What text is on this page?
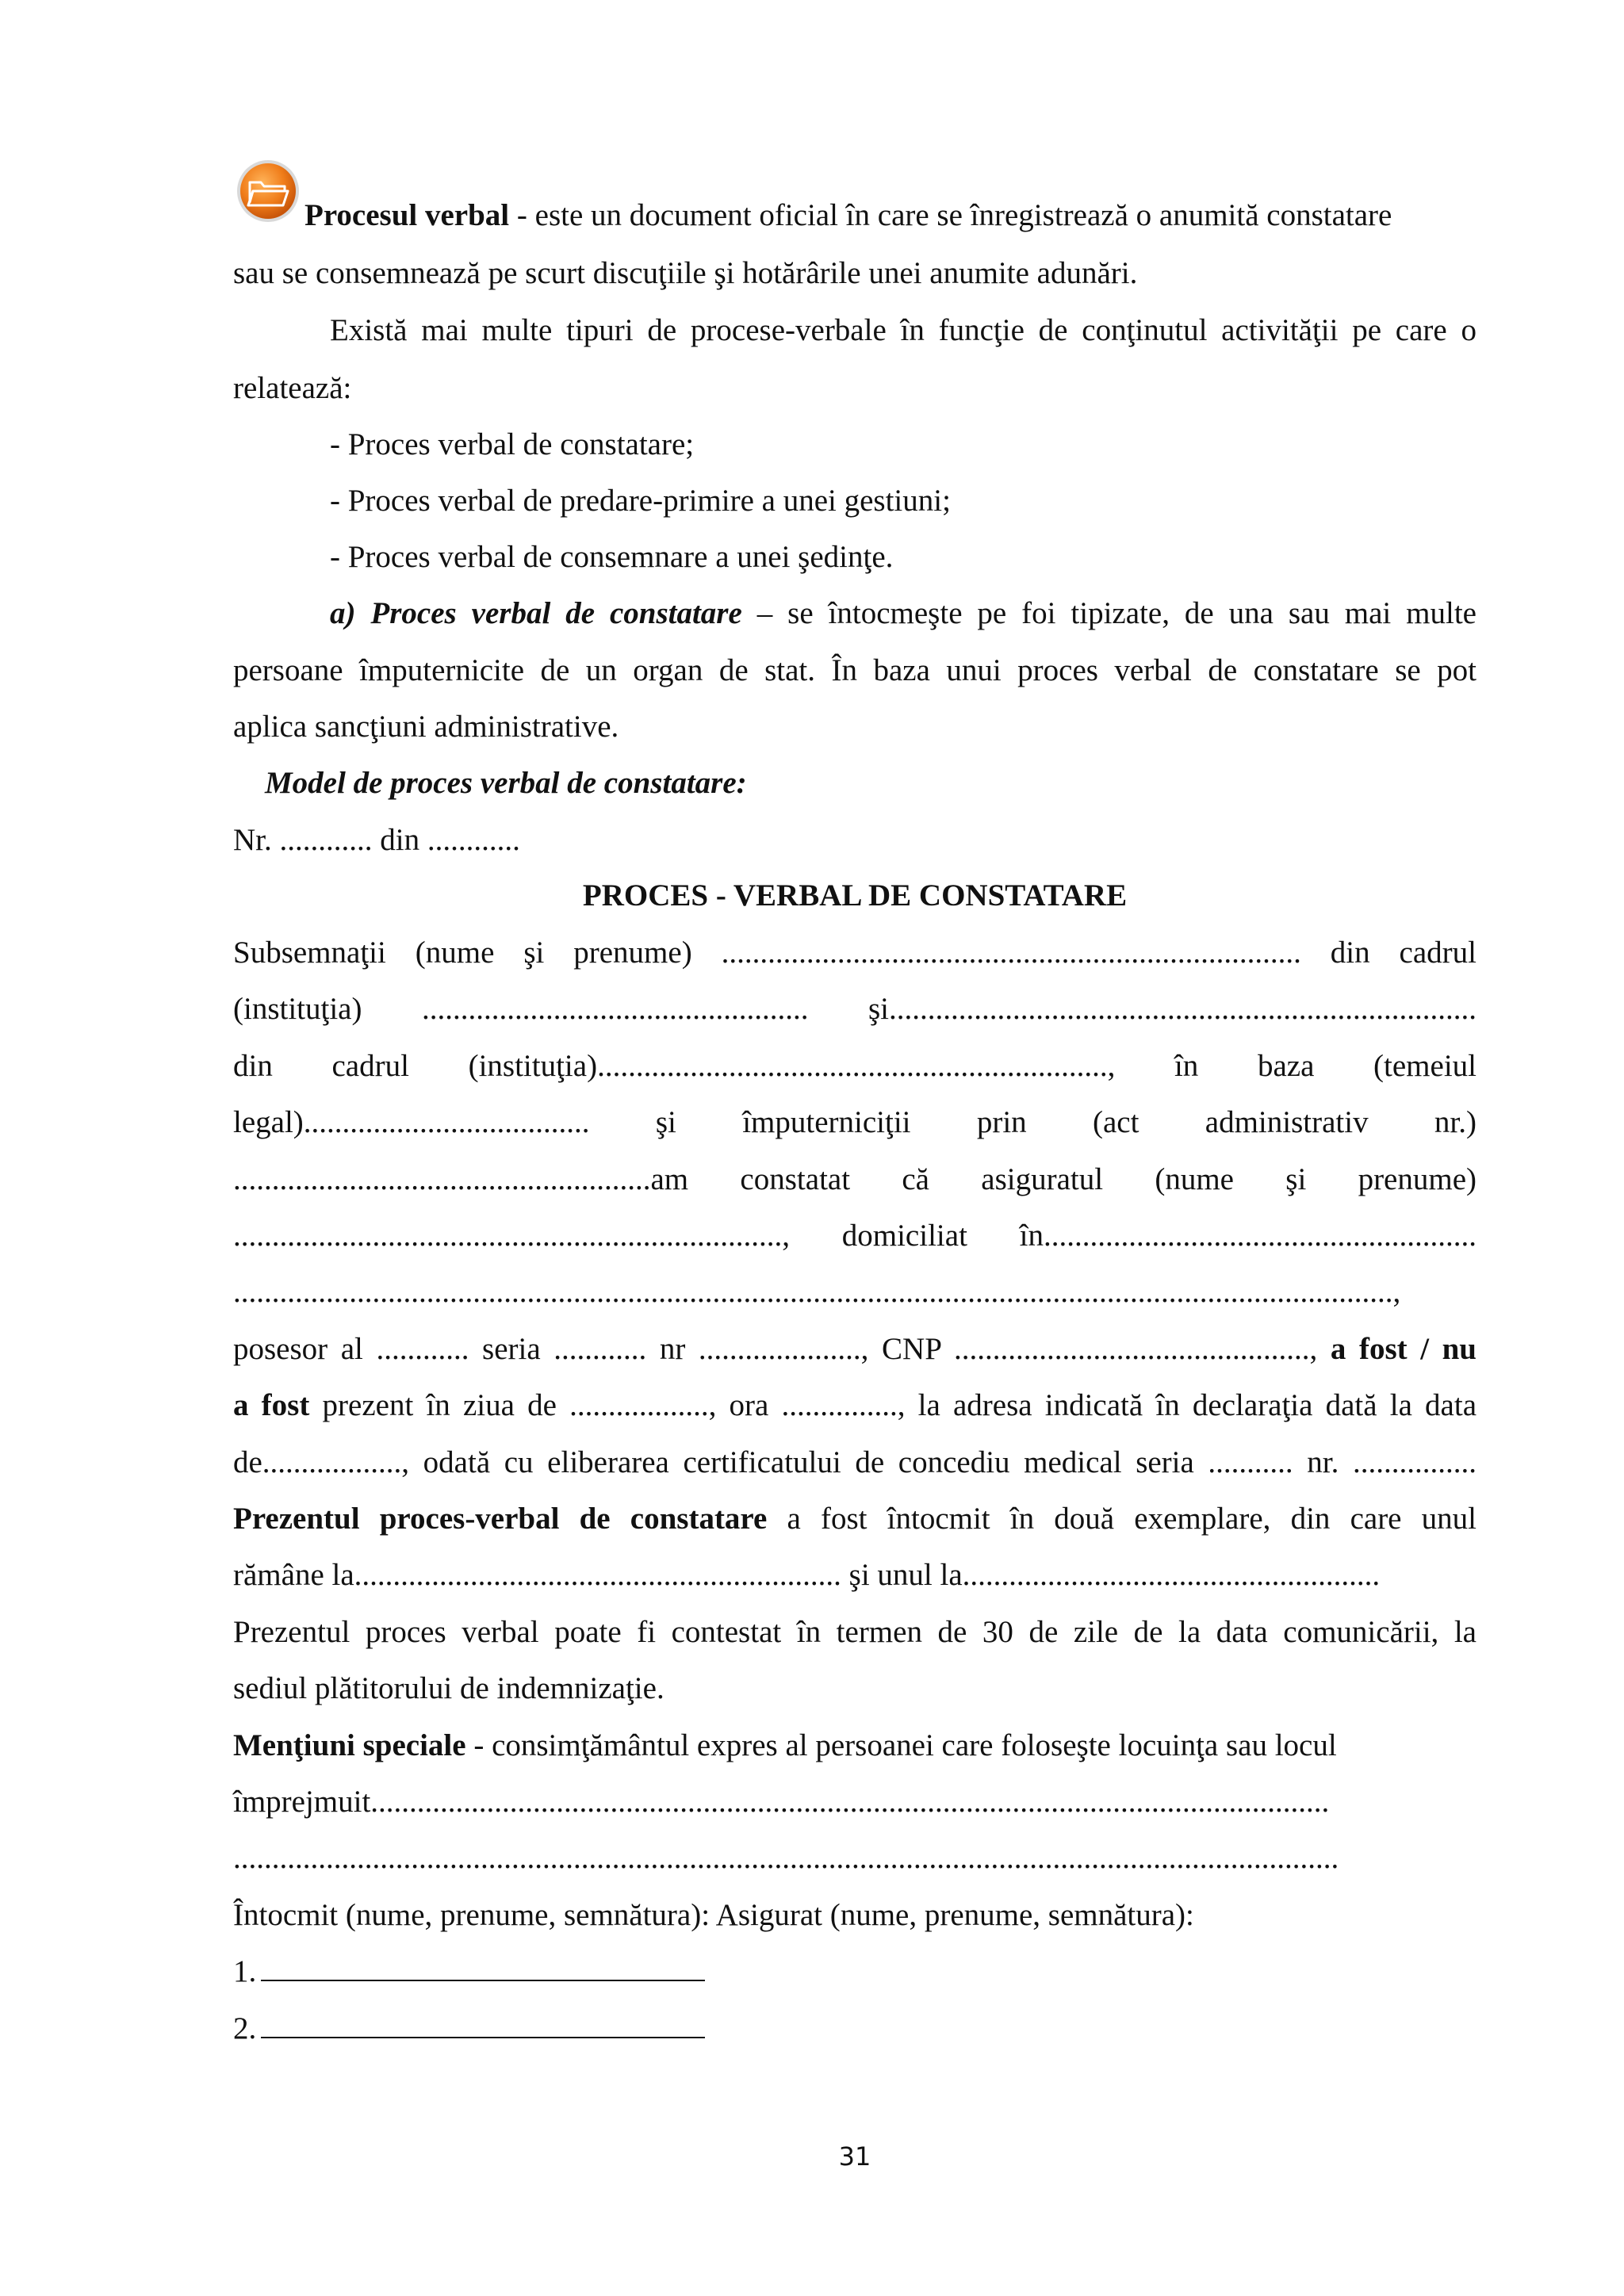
Procesul verbal - este un document oficial în care se înregistrează o anumită constatare
sau se consemnează pe scurt discuţiile şi hotărârile unei anumite adunări.
Există mai multe tipuri de procese-verbale în funcţie de conţinutul activităţii pe care o
relatează:
- Proces verbal de constatare;
- Proces verbal de predare-primire a unei gestiuni;
- Proces verbal de consemnare a unei şedinţe.
a) Proces verbal de constatare – se întocmeşte pe foi tipizate, de una sau mai multe
persoane împuternicite de un organ de stat. În baza unui proces verbal de constatare se pot
aplica sancţiuni administrative.
Model de proces verbal de constatare:
Nr. ............ din ............
PROCES - VERBAL DE CONSTATARE
Subsemnaţii (nume şi prenume) ........................................................................... din cadrul
(instituţia) .................................................. şi............................................................................
din cadrul (instituţia).................................................................., în baza (temeiul
legal)..................................... şi împuterniciţii prin (act administrativ nr.)
......................................................am constatat că asiguratul (nume şi prenume)
......................................................................., domiciliat în........................................................
......................................................................................................................................................,
posesor al ............ seria ............ nr ....................., CNP .............................................., a fost / nu
a fost prezent în ziua de .................., ora ..............., la adresa indicată în declaraţia dată la data
de.................., odată cu eliberarea certificatului de concediu medical seria ........... nr. ................
Prezentul proces-verbal de constatare a fost întocmit în două exemplare, din care unul
rămâne la............................................................... şi unul la......................................................
Prezentul proces verbal poate fi contestat în termen de 30 de zile de la data comunicării, la
sediul plătitorului de indemnizaţie.
Menţiuni speciale - consimţământul expres al persoanei care foloseşte locuinţa sau locul
împrejmuit............................................................................................................................
...............................................................................................................................................
Întocmit (nume, prenume, semnătura): Asigurat (nume, prenume, semnătura):
1.
2.
31
